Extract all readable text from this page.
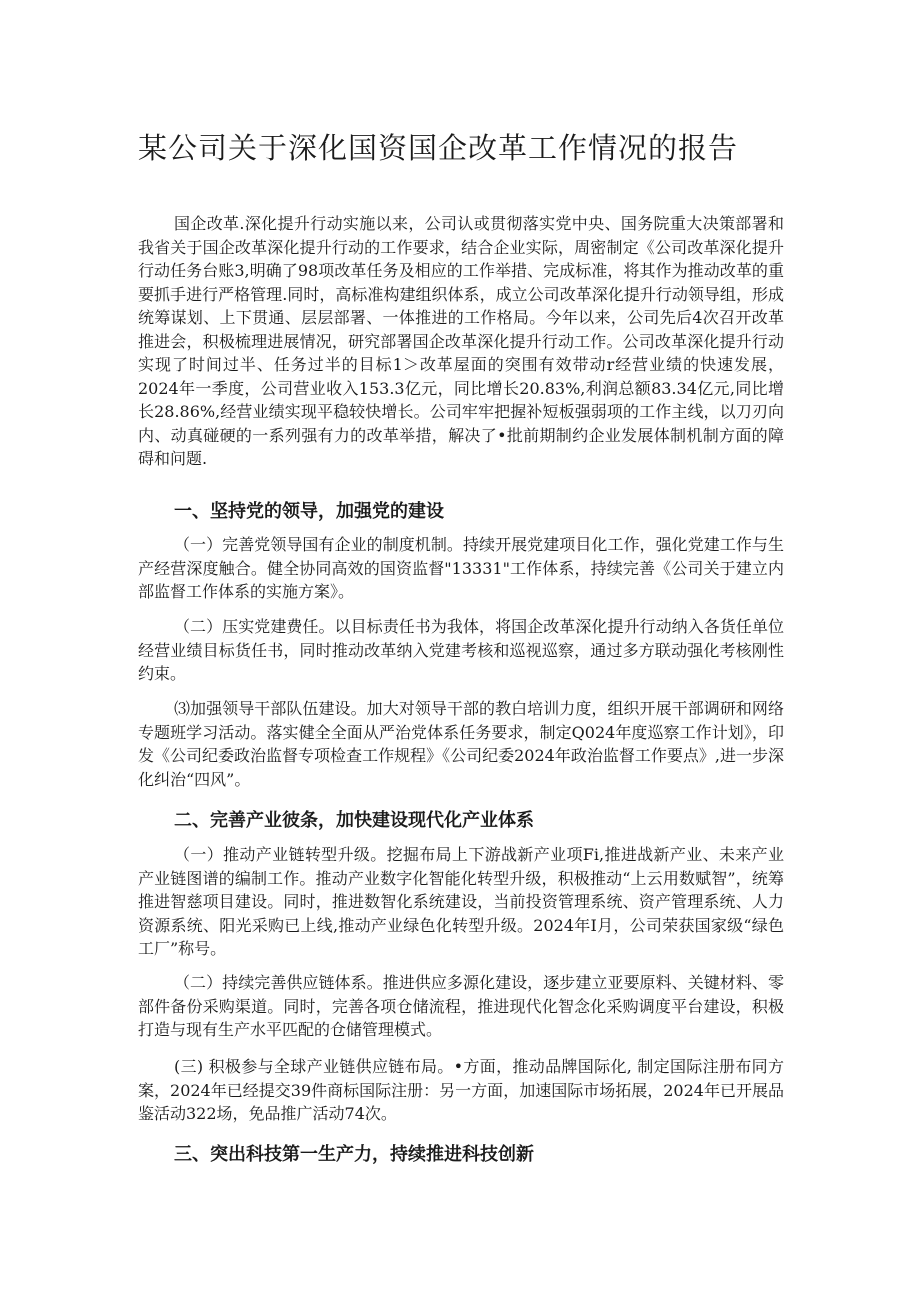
某公司关于深化国资国企改革工作情况的报告

国企改革.深化提升行动实施以来，公司认或贯彻落实党中央、国务院重大决策部署和我省关于国企改革深化提升行动的工作要求，结合企业实际，周密制定《公司改革深化提升行动任务台账3,明确了98项改革任务及相应的工作举措、完成标准，将其作为推动改革的重要抓手进行严格管理.同时，高标准构建组织体系，成立公司改革深化提升行动领导组，形成统筹谋划、上下贯通、层层部署、一体推进的工作格局。今年以来，公司先后4次召开改革推进会，积极梳理进展情况，研究部署国企改革深化提升行动工作。公司改革深化提升行动实现了时间过半、任务过半的目标1＞改革屋面的突围有效带动r经营业绩的快速发展，2024年一季度，公司营业收入153.3亿元，同比增长20.83%,利润总额83.34亿元,同比增长28.86%,经营业绩实现平稳较快增长。公司牢牢把握补短板强弱项的工作主线，以刀刃向内、动真碰硬的一系列强有力的改革举措，解决了•批前期制约企业发展体制机制方面的障碍和问题.

一、坚持党的领导，加强党的建设

（一）完善党领导国有企业的制度机制。持续开展党建项目化工作，强化党建工作与生产经营深度触合。健全协同高效的国资监督"13331"工作体系，持续完善《公司关于建立内部监督工作体系的实施方案》。

（二）压实党建费任。以目标责任书为我体，将国企改革深化提升行动纳入各货任单位经营业绩目标货任书，同时推动改革纳入党建考核和巡视巡察，通过多方联动强化考核刚性约束。

⑶加强领导干部队伍建设。加大对领导干部的教白培训力度，组织开展干部调研和网络专题班学习活动。落实健全全面从严治党体系任务要求，制定Q024年度巡察工作计划》，印发《公司纪委政治监督专项检查工作规程》《公司纪委2024年政治监督工作要点》,进一步深化纠治“四风”。

二、完善产业彼条，加快建设现代化产业体系

（一）推动产业链转型升级。挖掘布局上下游战新产业项Fi,推进战新产业、未来产业产业链图谱的编制工作。推动产业数字化智能化转型升级，积极推动“上云用数赋智”，统筹推进智慈项目建设。同时，推进数智化系统建设，当前投资管理系统、资产管理系统、人力资源系统、阳光采购已上线,推动产业绿色化转型升级。2024年I月，公司荣获国家级“绿色工厂”称号。

（二）持续完善供应链体系。推进供应多源化建设，逐步建立亚要原料、关键材料、零部件备份采购渠道。同时，完善各项仓储流程，推进现代化智念化采购调度平台建设，积极打造与现有生产水平匹配的仓储管理模式。

(三) 积极参与全球产业链供应链布局。•方面，推动品牌国际化, 制定国际注册布同方案，2024年已经提交39件商标国际注册：另一方面，加速国际市场拓展，2024年已开展品鉴活动322场，免品推广活动74次。

三、突出科技第一生产力，持续推进科技创新
